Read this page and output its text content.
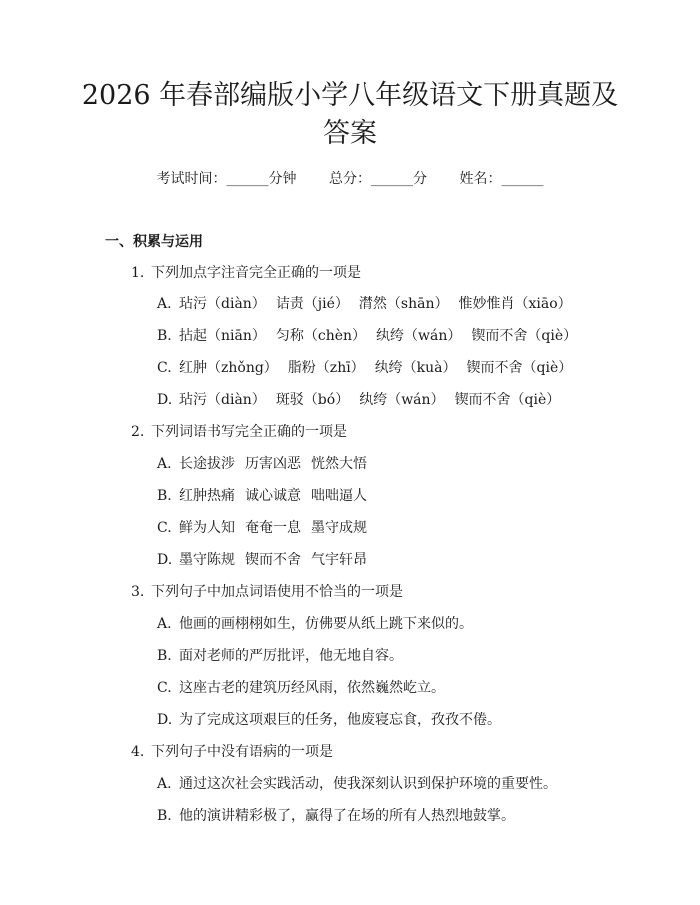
2026 年春部编版小学八年级语文下册真题及
答案
考试时间：______分钟 总分：______分 姓名：______
一、积累与运用
1. 下列加点字注音完全正确的一项是
A. 玷污（diàn） 诘责（jié） 潸然（shān） 惟妙惟肖（xiāo）
B. 拈起（niān） 匀称（chèn） 纨绔（wán） 锲而不舍（qiè）
C. 红肿（zhǒng） 脂粉（zhī） 纨绔（kuà） 锲而不舍（qiè）
D. 玷污（diàn） 斑驳（bó） 纨绔（wán） 锲而不舍（qiè）
2. 下列词语书写完全正确的一项是
A. 长途拔涉 历害凶恶 恍然大悟
B. 红肿热痛 诚心诚意 咄咄逼人
C. 鲜为人知 奄奄一息 墨守成规
D. 墨守陈规 锲而不舍 气宇轩昂
3. 下列句子中加点词语使用不恰当的一项是
A. 他画的画栩栩如生，仿佛要从纸上跳下来似的。
B. 面对老师的严厉批评，他无地自容。
C. 这座古老的建筑历经风雨，依然巍然屹立。
D. 为了完成这项艰巨的任务，他废寝忘食，孜孜不倦。
4. 下列句子中没有语病的一项是
A. 通过这次社会实践活动，使我深刻认识到保护环境的重要性。
B. 他的演讲精彩极了，赢得了在场的所有人热烈地鼓掌。
